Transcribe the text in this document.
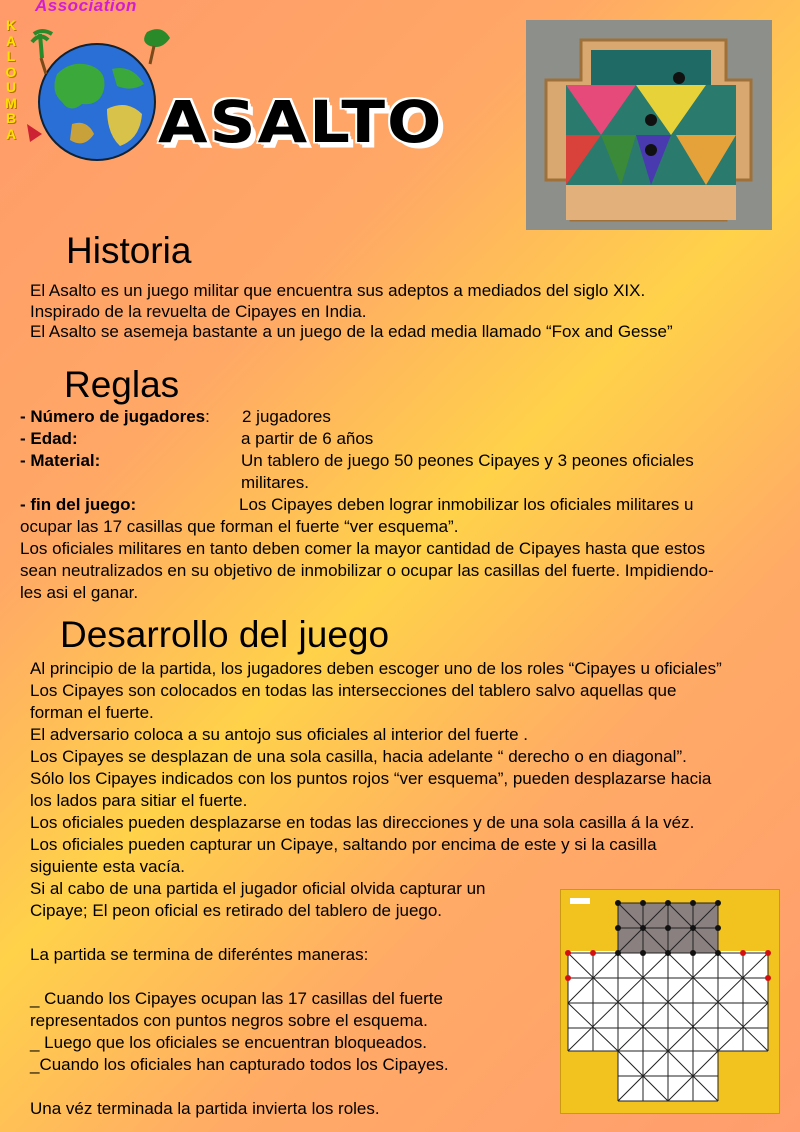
Association
K
A
L
O
U
M
B
A ASALTO
Historia
El Asalto es un juego militar que encuentra sus adeptos a mediados del siglo XIX.
Inspirado de la revuelta de Cipayes en India.
El Asalto se asemeja bastante a un juego de la edad media llamado “Fox and Gesse”
Reglas
- Número de jugadores: 2 jugadores
- Edad:	a partir de 6 años
- Material:	Un tablero de juego 50 peones Cipayes y 3 peones oficiales
militares.
- fin del juego:	Los Cipayes deben lograr inmobilizar los oficiales militares u
ocupar las 17 casillas que forman el fuerte “ver esquema”.
Los oficiales militares en tanto deben comer la mayor cantidad de Cipayes hasta que estos
sean neutralizados en su objetivo de inmobilizar o ocupar las casillas del fuerte. Impidiendo-
les asi el ganar.
Desarrollo del juego

Al principio de la partida, los jugadores deben escoger uno de los roles “Cipayes u oficiales”

Los Cipayes son colocados en todas las intersecciones del tablero salvo aquellas que

forman el fuerte.

El adversario coloca a su antojo sus oficiales al interior del fuerte .

Los Cipayes se desplazan de una sola casilla, hacia adelante “ derecho o en diagonal”.

Sólo los Cipayes indicados con los puntos rojos “ver esquema”, pueden desplazarse hacia

los lados para sitiar el fuerte.

Los oficiales pueden desplazarse en todas las direcciones y de una sola casilla á la véz.

Los oficiales pueden capturar un Cipaye, saltando por encima de este y si la casilla

siguiente esta vacía.

Si al cabo de una partida el jugador oficial olvida capturar un

Cipaye; El peon oficial es retirado del tablero de juego.

La partida se termina de diferéntes maneras:

_ Cuando los Cipayes ocupan las 17 casillas del fuerte

representados con puntos negros sobre el esquema.

_ Luego que los oficiales se encuentran bloqueados.

_Cuando los oficiales han capturado todos los Cipayes.

Una véz terminada la partida invierta los roles.
